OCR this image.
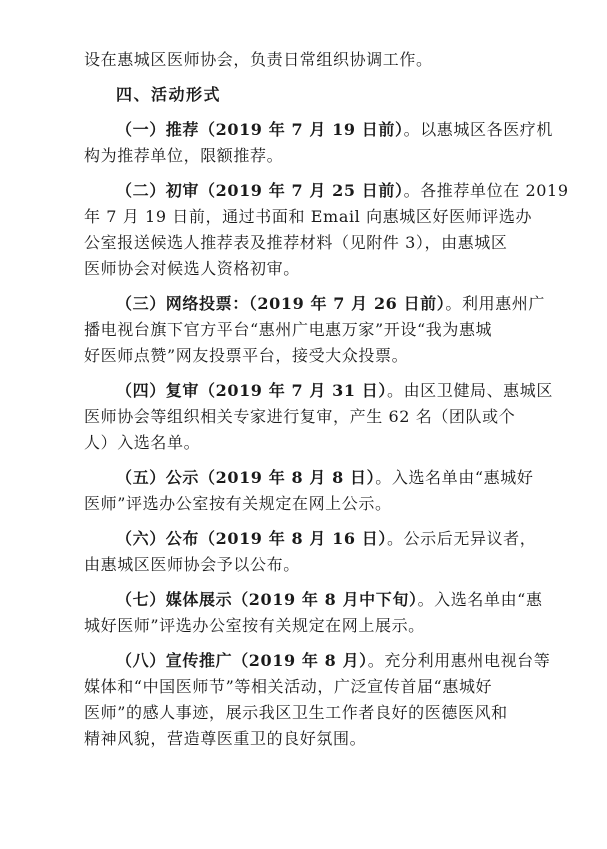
设在惠城区医师协会，负责日常组织协调工作。
四、活动形式
（一）推荐（2019 年 7 月 19 日前）。以惠城区各医疗机
构为推荐单位，限额推荐。
（二）初审（2019 年 7 月 25 日前）。各推荐单位在 2019
年 7 月 19 日前，通过书面和 Email 向惠城区好医师评选办
公室报送候选人推荐表及推荐材料（见附件 3），由惠城区
医师协会对候选人资格初审。
（三）网络投票：（2019 年 7 月 26 日前）。利用惠州广
播电视台旗下官方平台“惠州广电惠万家”开设“我为惠城
好医师点赞”网友投票平台，接受大众投票。
（四）复审（2019 年 7 月 31 日）。由区卫健局、惠城区
医师协会等组织相关专家进行复审，产生 62 名（团队或个
人）入选名单。
（五）公示（2019 年 8 月 8 日）。入选名单由“惠城好
医师”评选办公室按有关规定在网上公示。
（六）公布（2019 年 8 月 16 日）。公示后无异议者，
由惠城区医师协会予以公布。
（七）媒体展示（2019 年 8 月中下旬）。入选名单由“惠
城好医师”评选办公室按有关规定在网上展示。
（八）宣传推广（2019 年 8 月）。充分利用惠州电视台等
媒体和“中国医师节”等相关活动，广泛宣传首届“惠城好
医师”的感人事迹，展示我区卫生工作者良好的医德医风和
精神风貌，营造尊医重卫的良好氛围。
